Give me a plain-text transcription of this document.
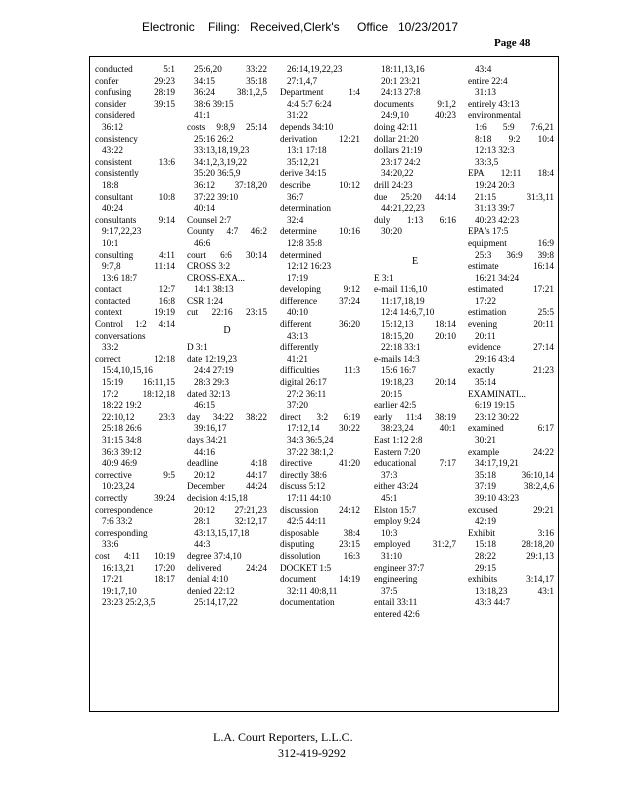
Electronic Filing: Received,Clerk's Office 10/23/2017
Page 48
conducted	5:1
confer	29:23
confusing 28:19
consider	39:15
considered
36:12
consistency
43:22
consistent	13:6
consistently
18:8
consultant	10:8
40:24
consultants 9:14
9:17,22,23
10:1
consulting	4:11
9:7,8	11:14
13:6 18:7
contact	12:7
contacted	16:8
context	19:19
Control 1:2 4:14
conversations
33:2
correct	12:18
15:4,10,15,16
15:19 16:11,15
17:2	18:12,18
18:22 19:2
22:10,12	23:3
25:18 26:6
31:15 34:8
36:3 39:12
40:9 46:9
corrective	9:5
10:23,24
correctly	39:24
correspondence
7:6 33:2
corresponding
33:6
cost 4:11 10:19
16:13,21 17:20
17:21	18:17
19:1,7,10
23:23 25:2,3,5
25:6,20	33:22
34:15	35:18
36:24 38:1,2,5
38:6 39:15
41:1
costs 9:8,9 25:14
25:16 26:2
33:13,18,19,23
34:1,2,3,19,22
35:20 36:5,9
36:12 37:18,20
37:22 39:10
40:14
Counsel 2:7
County 4:7 46:2
46:6
court 6:6 30:14
CROSS 3:2
CROSS-EXA...
14:1 38:13
CSR 1:24
cut 22:16 23:15
D
D 3:1
date 12:19,23
24:4 27:19
28:3 29:3
dated 32:13
46:15
day 34:22 38:22
39:16,17
days 34:21
44:16
deadline	4:18
20:12	44:17
December 44:24
decision 4:15,18
20:12 27:21,23
28:1	32:12,17
43:13,15,17,18
44:3
degree 37:4,10
delivered	24:24
denial 4:10
denied 22:12
25:14,17,22
26:14,19,22,23
27:1,4,7
Department	1:4
4:4 5:7 6:24
31:22
depends 34:10
derivation 12:21
13:1 17:18
35:12,21
derive 34:15
describe	10:12
36:7
determination
32:4
determine 10:16
12:8 35:8
determined
12:12 16:23
17:19
developing 9:12
difference 37:24
40:10
different	36:20
43:13
differently
41:21
difficulties	11:3
digital 26:17
27:2 36:11
37:20
direct 3:2 6:19
17:12,14 30:22
34:3 36:5,24
37:22 38:1,2
directive	41:20
directly 38:6
discuss 5:12
17:11 44:10
discussion 24:12
42:5 44:11
disposable	38:4
disputing	23:15
dissolution	16:3
DOCKET 1:5
document 14:19
32:11 40:8,11
documentation
18:11,13,16
20:1 23:21
24:13 27:8
documents	9:1,2
24:9,10	40:23
doing 42:11
dollar 21:20
dollars 21:19
23:17 24:2
34:20,22
drill 24:23
due 25:20 44:14
44:21,22,23
duly 1:13 6:16
30:20
E
E 3:1
e-mail 11:6,10
11:17,18,19
12:4 14:6,7,10
15:12,13 18:14
18:15,20 20:10
22:18 33:1
e-mails 14:3
15:6 16:7
19:18,23 20:14
20:15
earlier 42:5
early 11:4 38:19
38:23,24	40:1
East 1:12 2:8
Eastern 7:20
educational	7:17
37:3
either 43:24
45:1
Elston 15:7
employ 9:24
10:3
employed 31:2,7
31:10
engineer 37:7
engineering
37:5
entail 33:11
entered 42:6
43:4
entire 22:4
31:13
entirely 43:13
environmental
1:6 5:9 7:6,21
8:18 9:2 10:4
12:13 32:3
33:3,5
EPA 12:11 18:4
19:24 20:3
21:15	31:3,11
31:13 39:7
40:23 42:23
EPA's 17:5
equipment	16:9
25:3 36:9 39:8
estimate	16:14
16:21 34:24
estimated	17:21
17:22
estimation	25:5
evening	20:11
20:11
evidence	27:14
29:16 43:4
exactly	21:23
35:14
EXAMINATI...
6:19 19:15
23:12 30:22
examined	6:17
30:21
example	24:22
34:17,19,21
35:18	36:10,14
37:19	38:2,4,6
39:10 43:23
excused	29:21
42:19
Exhibit	3:16
15:18	28:18,20
28:22	29:1,13
29:15
exhibits	3:14,17
13:18,23	43:1
43:3 44:7
L.A. Court Reporters, L.L.C.
312-419-9292
